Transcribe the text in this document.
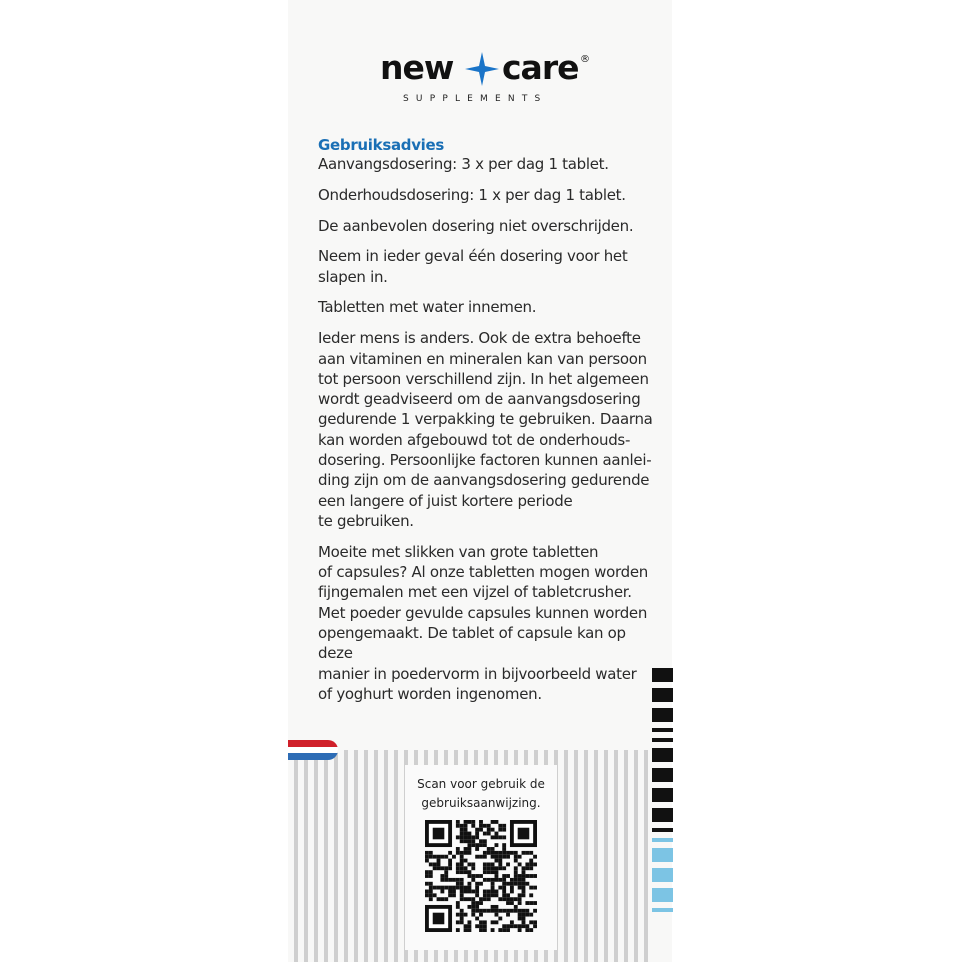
new care ®
SUPPLEMENTS
Gebruiksadvies

Aanvangsdosering: 3 x per dag 1 tablet.

Onderhoudsdosering: 1 x per dag 1 tablet.

De aanbevolen dosering niet overschrijden.

Neem in ieder geval één dosering voor het
slapen in.

Tabletten met water innemen.

Ieder mens is anders. Ook de extra behoefte
aan vitaminen en mineralen kan van persoon
tot persoon verschillend zijn. In het algemeen
wordt geadviseerd om de aanvangsdosering
gedurende 1 verpakking te gebruiken. Daarna
kan worden afgebouwd tot de onderhouds-
dosering. Persoonlijke factoren kunnen aanlei-
ding zijn om de aanvangsdosering gedurende
een langere of juist kortere periode
te gebruiken.

Moeite met slikken van grote tabletten
of capsules? Al onze tabletten mogen worden
fijngemalen met een vijzel of tabletcrusher.
Met poeder gevulde capsules kunnen worden
opengemaakt. De tablet of capsule kan op deze
manier in poedervorm in bijvoorbeeld water
of yoghurt worden ingenomen.

Scan voor gebruik de
gebruiksaanwijzing.
